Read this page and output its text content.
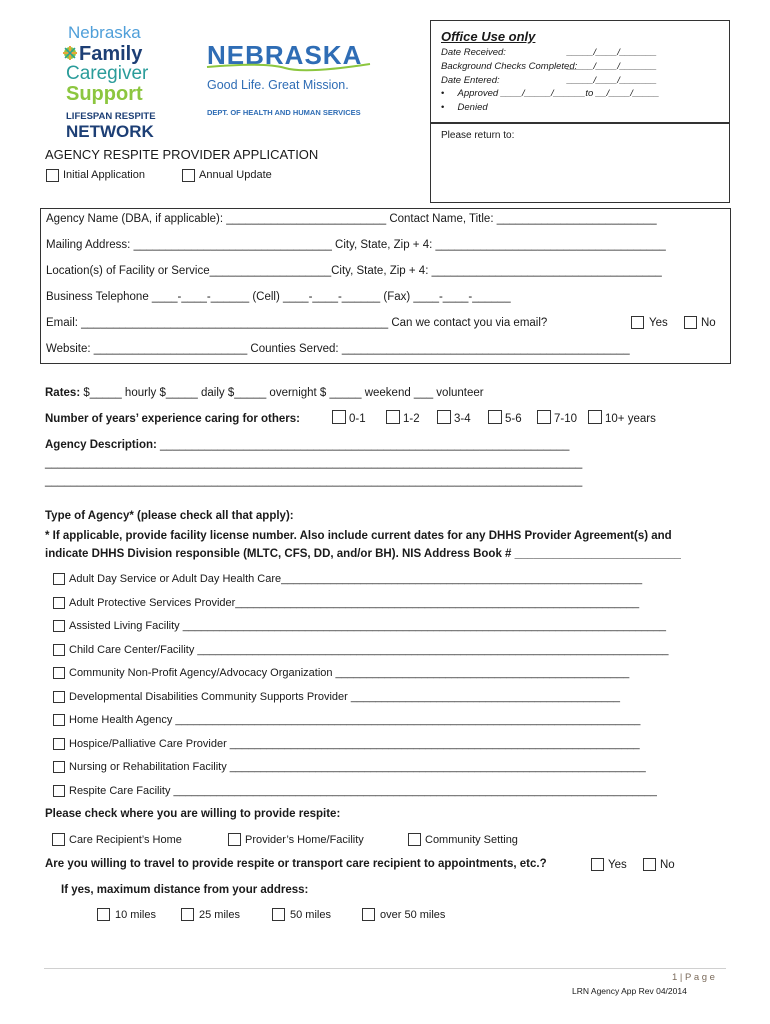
Nebraska
Family
Caregiver
Support
LIFESPAN RESPITE
NETWORK
NEBRASKA
Good Life. Great Mission.
DEPT. OF HEALTH AND HUMAN SERVICES
Office Use only
Date Received:	_____/____/_______
Background Checks Completed:
_____/____/_______
Date Entered:	_____/____/_______
• Approved ____/_____/______to __/____/_____
• Denied
Please return to:
AGENCY RESPITE PROVIDER APPLICATION
Initial Application	Annual Update
Agency Name (DBA, if applicable): _________________________ Contact Name, Title: _________________________
Mailing Address: _______________________________ City, State, Zip + 4: ____________________________________
Location(s) of Facility or Service___________________City, State, Zip + 4: ____________________________________
Business Telephone ____-____-______ (Cell) ____-____-______ (Fax) ____-____-______
Email: ________________________________________________ Can we contact you via email?	Yes	No
Website: ________________________ Counties Served: _____________________________________________
Rates: $_____ hourly $_____ daily $_____ overnight $ _____ weekend ___ volunteer
Number of years’ experience caring for others:	0-1	1-2	3-4	5-6	7-10 10+ years
Agency Description: ________________________________________________________________
____________________________________________________________________________________
____________________________________________________________________________________
Type of Agency* (please check all that apply):
* If applicable, provide facility license number. Also include current dates for any DHHS Provider Agreement(s) and
indicate DHHS Division responsible (MLTC, CFS, DD, and/or BH). NIS Address Book # __________________________
Adult Day Service or Adult Day Health Care___________________________________________________________
Adult Protective Services Provider__________________________________________________________________
Assisted Living Facility _______________________________________________________________________________
Child Care Center/Facility _____________________________________________________________________________
Community Non-Profit Agency/Advocacy Organization ________________________________________________
Developmental Disabilities Community Supports Provider ____________________________________________
Home Health Agency ____________________________________________________________________________
Hospice/Palliative Care Provider ___________________________________________________________________
Nursing or Rehabilitation Facility ____________________________________________________________________
Respite Care Facility _______________________________________________________________________________
Please check where you are willing to provide respite:
Care Recipient’s Home	Provider’s Home/Facility	Community Setting
Are you willing to travel to provide respite or transport care recipient to appointments, etc.?	Yes	No
If yes, maximum distance from your address:
10 miles	25 miles	50 miles	over 50 miles
1 | P a g e
LRN Agency App Rev 04/2014
